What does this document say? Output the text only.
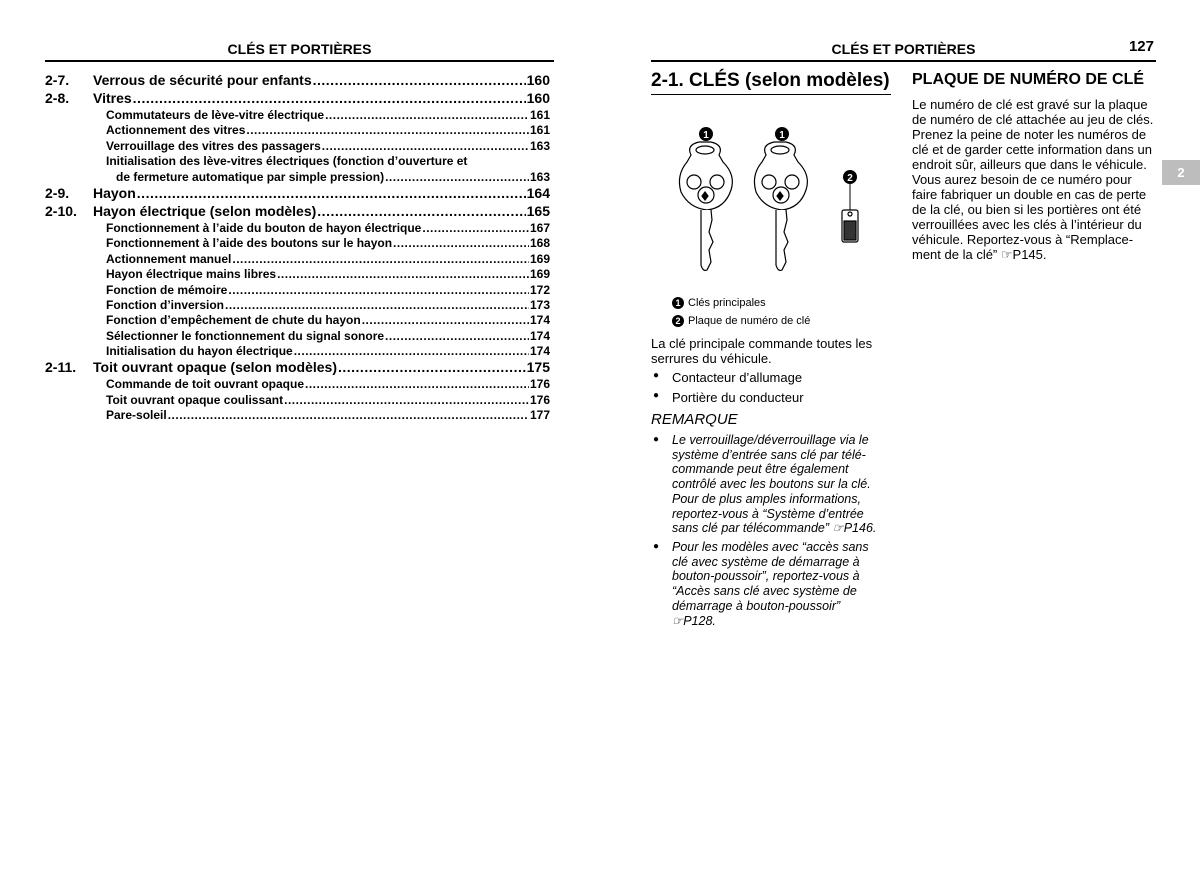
CLÉS ET PORTIÈRES	CLÉS ET PORTIÈRES	127
2-7.	Verrous de sécurité pour enfants .....	160
2-8.	Vitres .....	160
Commutateurs de lève-vitre électrique .....	161
Actionnement des vitres .....	161
Verrouillage des vitres des passagers .....	163
Initialisation des lève-vitres électriques (fonction d’ouverture et
de fermeture automatique par simple pression) .....	163
2-9.	Hayon .....	164
2-10.	Hayon électrique (selon modèles) .....	165
Fonctionnement à l’aide du bouton de hayon électrique .....	167
Fonctionnement à l’aide des boutons sur le hayon .....	168
Actionnement manuel .....	169
Hayon électrique mains libres .....	169
Fonction de mémoire .....	172
Fonction d’inversion .....	173
Fonction d’empêchement de chute du hayon .....	174
Sélectionner le fonctionnement du signal sonore .....	174
Initialisation du hayon électrique .....	174
2-11.	Toit ouvrant opaque (selon modèles) .....	175
Commande de toit ouvrant opaque .....	176
Toit ouvrant opaque coulissant .....	176
Pare-soleil .....	177
2-1. CLÉS (selon modèles)
1	1
2
1 Clés principales
2 Plaque de numéro de clé
La clé principale commande toutes les serrures du véhicule.
● Contacteur d’allumage
● Portière du conducteur
REMARQUE
●	Le verrouillage/déverrouillage via le
système d’entrée sans clé par télé-
commande peut être également
contrôlé avec les boutons sur la clé.
Pour de plus amples informations,
reportez-vous à “Système d’entrée
sans clé par télécommande” ☞P146.
●	Pour les modèles avec “accès sans
clé avec système de démarrage à
bouton-poussoir”, reportez-vous à
“Accès sans clé avec système de
démarrage à bouton-poussoir”
☞P128.
PLAQUE DE NUMÉRO DE CLÉ
Le numéro de clé est gravé sur la plaque
de numéro de clé attachée au jeu de clés.
Prenez la peine de noter les numéros de
clé et de garder cette information dans un
endroit sûr, ailleurs que dans le véhicule.
Vous aurez besoin de ce numéro pour
faire fabriquer un double en cas de perte
de la clé, ou bien si les portières ont été
verrouillées avec les clés à l’intérieur du
véhicule. Reportez-vous à “Remplace-
ment de la clé” ☞P145.
2
